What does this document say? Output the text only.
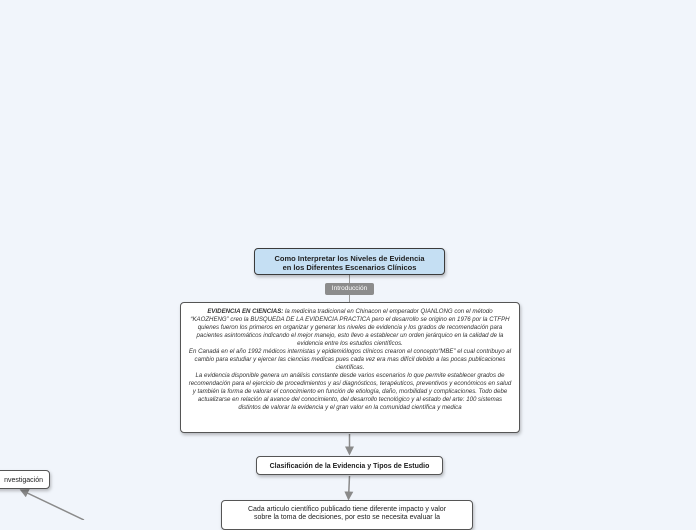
Como Interpretar los Niveles de Evidencia
en los Diferentes Escenarios Clínicos
Introducción

EVIDENCIA EN CIENCIAS: la medicina tradicional en Chinacon el emperador QIANLONG con el método “KAOZHENG” creo la BUSQUEDA DE LA EVIDENCIA PRACTICA pero el desarrollo se origino en 1976 por la CTFPH quienes fueron los primeros en organizar y generar los niveles de evidencia y los grados de recomendación para pacientes asintomáticos indicando el mejor manejo, esto llevo a establecer un orden jerárquico en la calidad de la evidencia entre los estudios científicos.

En Canadá en el año 1992 médicos internistas y epidemiólogos clínicos crearon el concepto“MBE” el cual contribuyo al cambio para estudiar y ejercer las ciencias medicas pues cada vez era mas difícil debido a las pocas publicaciones científicas.

La evidencia disponible genera un análisis constante desde varios escenarios lo que permite establecer grados de recomendación para el ejercicio de procedimientos y así diagnósticos, terapéuticos, preventivos y económicos en salud y también la forma de valorar el conocimiento en función de etiología, daño, morbilidad y complicaciones. Todo debe actualizarse en relación al avance del conocimiento, del desarrollo tecnológico y al estado del arte: 100 sistemas distintos de valorar la evidencia y el gran valor en la comunidad científica y medica

Clasificación de la Evidencia y Tipos de Estudio
nvestigación
Cada articulo científico publicado tiene diferente impacto y valor
sobre la toma de decisiones, por esto se necesita evaluar la
